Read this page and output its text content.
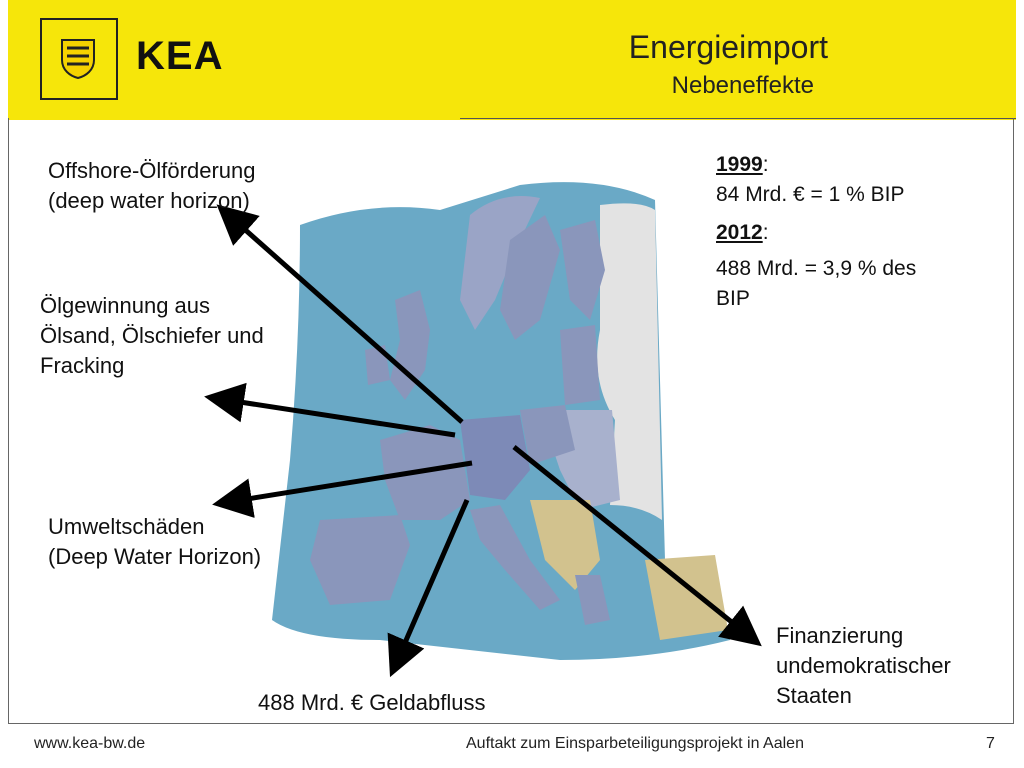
KEA	Energieimport
Nebeneffekte
Offshore-Ölförderung
(deep water horizon)
Ölgewinnung aus
Ölsand, Ölschiefer und
Fracking
Umweltschäden
(Deep Water Horizon)
488 Mrd. € Geldabfluss
Finanzierung
undemokratischer
Staaten
1999:
84 Mrd. € = 1 % BIP
2012:
488 Mrd. = 3,9 % des
BIP
www.kea-bw.de	Auftakt zum Einsparbeteiligungsprojekt in Aalen	7
